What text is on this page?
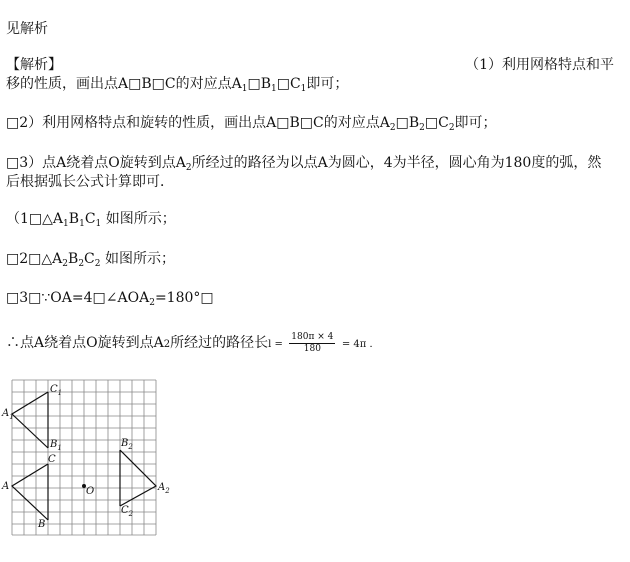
见解析
【解析】	（1）利用网格特点和平
移的性质，画出点A□B□C的对应点$A_1□B_1□C_1$即可；
□2）利用网格特点和旋转的性质，画出点A□B□C的对应点$A_2□B_2□C_2$即可；
□3）点A绕着点O旋转到点$A_2$所经过的路径为以点A为圆心，4为半径，圆心角为180度的弧，然
后根据弧长公式计算即可．
（$1□\triangle A_1B_1C_1$ 如图所示；
$□2□\triangle A_2B_2C_2$ 如图所示；
$□3□\because OA=4□\angle AOA_2=180^\circ□$
∴点A绕着点O旋转到点A2所经过的路径长$l = \frac{180\pi \times 4}{180} = 4\pi$ ．
$A_1$
$C_1$
$B_1$
C
A	O
B
$B_2$
$A_2$
$C_2$
